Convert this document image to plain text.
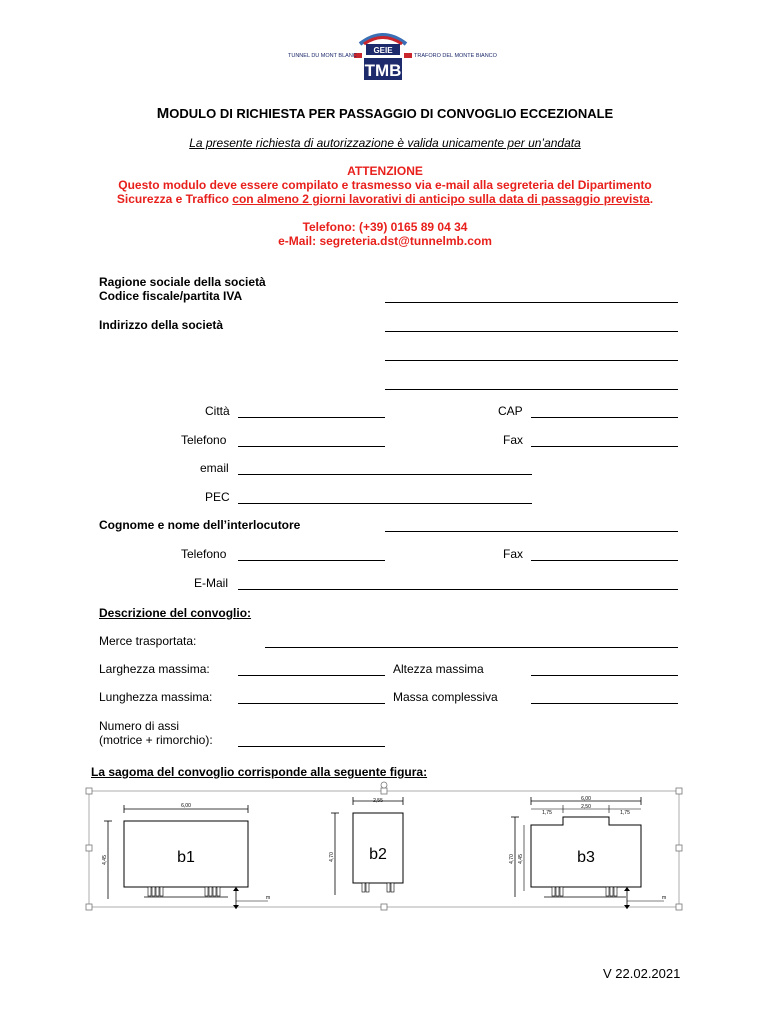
GEIE
TMB
TUNNEL DU MONT BLANC	TRAFORO DEL MONTE BIANCO
MODULO DI RICHIESTA PER PASSAGGIO DI CONVOGLIO ECCEZIONALE
La presente richiesta di autorizzazione è valida unicamente per un’andata
ATTENZIONE
Questo modulo deve essere compilato e trasmesso via e-mail alla segreteria del Dipartimento
Sicurezza e Traffico con almeno 2 giorni lavorativi di anticipo sulla data di passaggio prevista.
Telefono: (+39) 0165 89 04 34
e-Mail: segreteria.dst@tunnelmb.com
Ragione sociale della società
Codice fiscale/partita IVA
Indirizzo della società
Città	CAP
Telefono	Fax
email
PEC
Cognome e nome dell’interlocutore
Telefono	Fax
E-Mail
Descrizione del convoglio:
Merce trasportata:
Larghezza massima:	Altezza massima
Lunghezza massima:	Massa complessiva
Numero di assi
(motrice + rimorchio):
La sagoma del convoglio corrisponde alla seguente figura:
6,00
b1
4,45
m
2,55
b2
4,70
6,00
1,75
2,50
1,75
b3
4,70 4,45
m
V 22.02.2021
